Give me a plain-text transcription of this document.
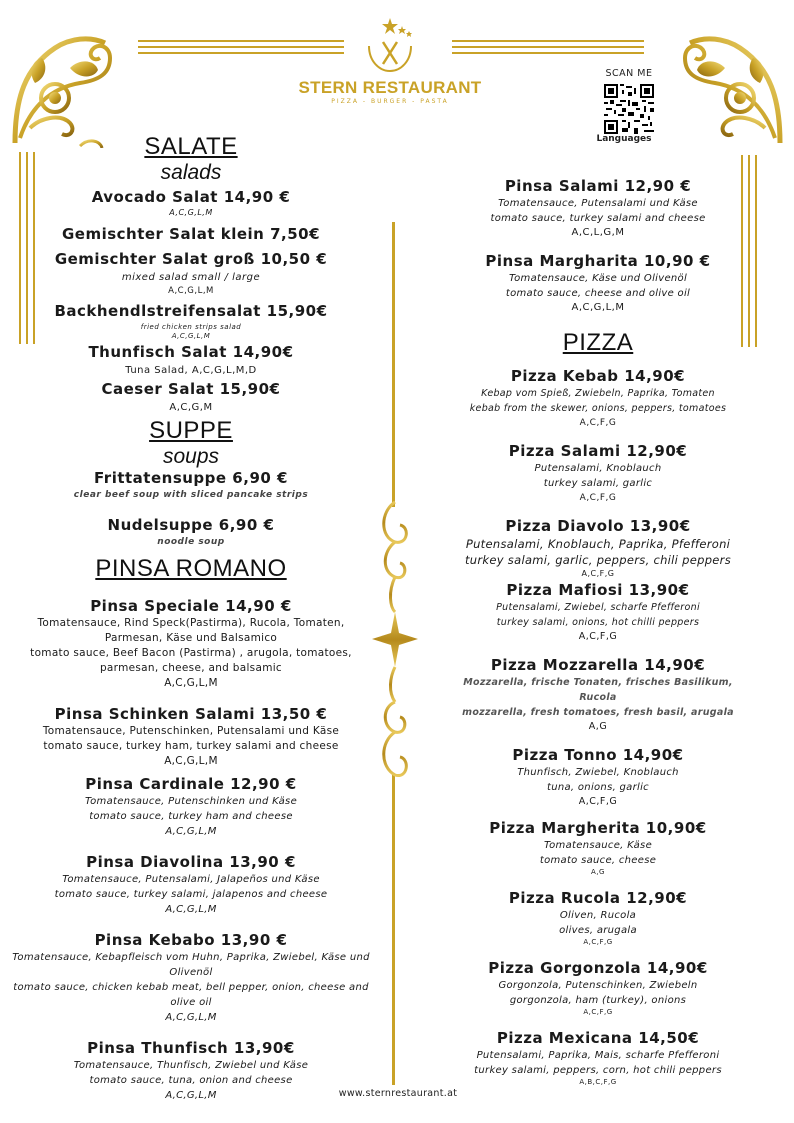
STERN RESTAURANT
PIZZA - BURGER - PASTA
SCAN ME
Languages

SALATE

salads

Avocado Salat 14,90 €

A,C,G,L,M

Gemischter Salat klein 7,50€

Gemischter Salat groß 10,50 €

mixed salad small / large

A,C,G,L,M

Backhendlstreifensalat 15,90€

fried chicken strips salad

A,C,G,L,M

Thunfisch Salat 14,90€

Tuna Salad, A,C,G,L,M,D

Caeser Salat 15,90€

A,C,G,M

SUPPE

soups

Frittatensuppe 6,90 €

clear beef soup with sliced pancake strips

Nudelsuppe 6,90 €

noodle soup

PINSA ROMANO

Pinsa Speciale 14,90 €

Tomatensauce, Rind Speck(Pastirma), Rucola, Tomaten,

Parmesan, Käse und Balsamico

tomato sauce, Beef Bacon (Pastirma) , arugola, tomatoes,

parmesan, cheese, and balsamic

A,C,G,L,M

Pinsa Schinken Salami 13,50 €

Tomatensauce, Putenschinken, Putensalami und Käse

tomato sauce, turkey ham, turkey salami and cheese

A,C,G,L,M

Pinsa Cardinale 12,90 €

Tomatensauce, Putenschinken und Käse

tomato sauce, turkey ham and cheese

A,C,G,L,M

Pinsa Diavolina 13,90 €

Tomatensauce, Putensalami, Jalapeños und Käse

tomato sauce, turkey salami, jalapenos and cheese

A,C,G,L,M

Pinsa Kebabo 13,90 €

Tomatensauce, Kebapfleisch vom Huhn, Paprika, Zwiebel, Käse und

Olivenöl

tomato sauce, chicken kebab meat, bell pepper, onion, cheese and

olive oil

A,C,G,L,M

Pinsa Thunfisch 13,90€

Tomatensauce, Thunfisch, Zwiebel und Käse

tomato sauce, tuna, onion and cheese

A,C,G,L,M

Pinsa Salami 12,90 €

Tomatensauce, Putensalami und Käse

tomato sauce, turkey salami and cheese

A,C,L,G,M

Pinsa Margharita 10,90 €

Tomatensauce, Käse und Olivenöl

tomato sauce, cheese and olive oil

A,C,G,L,M

PIZZA

Pizza Kebab 14,90€

Kebap vom Spieß, Zwiebeln, Paprika, Tomaten

kebab from the skewer, onions, peppers, tomatoes

A,C,F,G

Pizza Salami 12,90€

Putensalami, Knoblauch

turkey salami, garlic

A,C,F,G

Pizza Diavolo 13,90€

Putensalami, Knoblauch, Paprika, Pfefferoni

turkey salami, garlic, peppers, chili peppers

A,C,F,G

Pizza Mafiosi 13,90€

Putensalami, Zwiebel, scharfe Pfefferoni

turkey salami, onions, hot chilli peppers

A,C,F,G

Pizza Mozzarella 14,90€

Mozzarella, frische Tonaten, frisches Basilikum, Rucola

mozzarella, fresh tomatoes, fresh basil, arugala

A,G

Pizza Tonno 14,90€

Thunfisch, Zwiebel, Knoblauch

tuna, onions, garlic

A,C,F,G

Pizza Margherita 10,90€

Tomatensauce, Käse

tomato sauce, cheese

A,G

Pizza Rucola 12,90€

Oliven, Rucola

olives, arugala

A,C,F,G

Pizza Gorgonzola 14,90€

Gorgonzola, Putenschinken, Zwiebeln

gorgonzola, ham (turkey), onions

A,C,F,G

Pizza Mexicana 14,50€

Putensalami, Paprika, Mais, scharfe Pfefferoni

turkey salami, peppers, corn, hot chili peppers

A,B,C,F,G

www.sternrestaurant.at
